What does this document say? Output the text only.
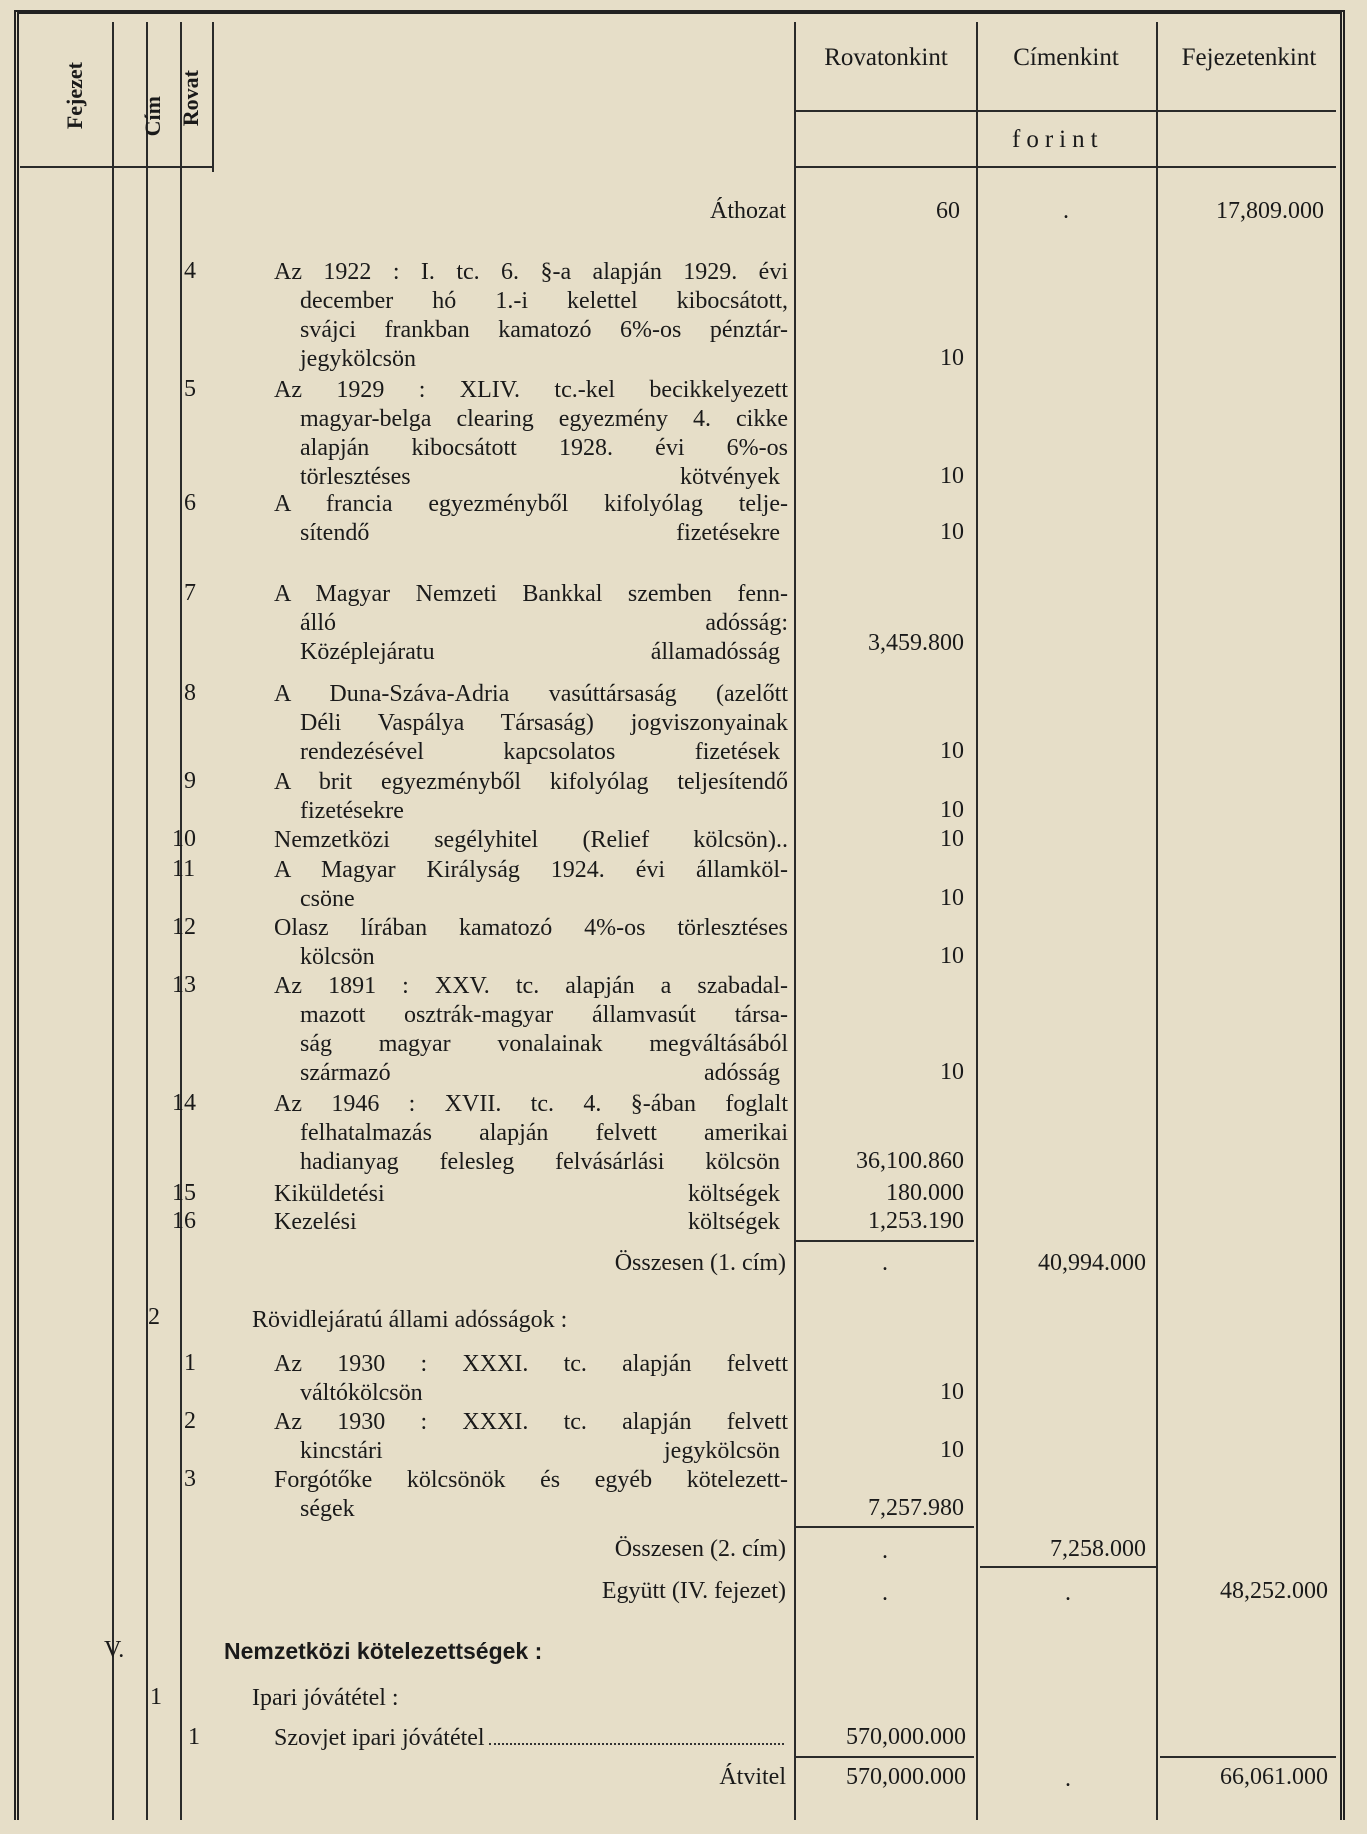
Fejezet Cím Rovat
Rovatonkint	Címenkint	Fejezetenkint
forint
Áthozat	60	.	17,809.000
4	Az 1922 : I. tc. 6. §-a alapján 1929. évi
december hó 1.-i kelettel kibocsátott,
svájci frankban kamatozó 6%-os pénztár-
jegykölcsön	10
5	Az 1929 : XLIV. tc.-kel becikkelyezett
magyar-belga clearing egyezmény 4. cikke
alapján kibocsátott 1928. évi 6%-os
törlesztéses kötvények	10
6	A francia egyezményből kifolyólag telje-
sítendő fizetésekre	10
7	A Magyar Nemzeti Bankkal szemben fenn-
álló adósság:
Középlejáratu államadósság	3,459.800
8	A Duna-Száva-Adria vasúttársaság (azelőtt
Déli Vaspálya Társaság) jogviszonyainak
rendezésével kapcsolatos fizetések	10
9	A brit egyezményből kifolyólag teljesítendő
fizetésekre	10
10	Nemzetközi segélyhitel (Relief kölcsön)..	10
11	A Magyar Királyság 1924. évi államköl-
csöne	10
12	Olasz lírában kamatozó 4%-os törlesztéses
kölcsön	10
13	Az 1891 : XXV. tc. alapján a szabadal-
mazott osztrák-magyar államvasút társa-
ság magyar vonalainak megváltásából
származó adósság	10
14	Az 1946 : XVII. tc. 4. §-ában foglalt
felhatalmazás alapján felvett amerikai
hadianyag felesleg felvásárlási kölcsön	36,100.860
15	Kiküldetési költségek	180.000
16	Kezelési költségek	1,253.190
Összesen (1. cím)	.	40,994.000
2	Rövidlejáratú állami adósságok :
1	Az 1930 : XXXI. tc. alapján felvett
váltókölcsön	10
2	Az 1930 : XXXI. tc. alapján felvett
kincstári jegykölcsön	10
3	Forgótőke kölcsönök és egyéb kötelezett-
ségek	7,257.980
Összesen (2. cím)	.	7,258.000
Együtt (IV. fejezet)	.	.	48,252.000
V.	Nemzetközi kötelezettségek :
1	Ipari jóvátétel :
1	Szovjet ipari jóvátétel	570,000.000
Átvitel	570,000.000	.	66,061.000
